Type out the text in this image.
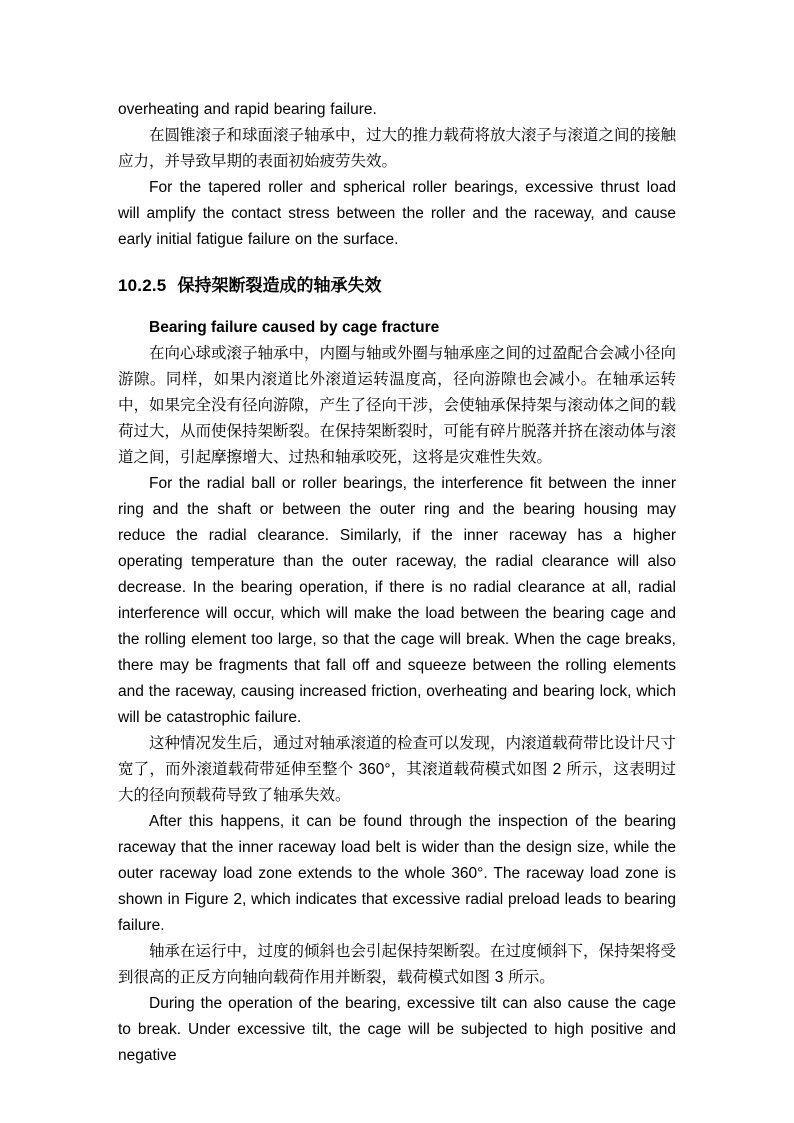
overheating and rapid bearing failure.

在圆锥滚子和球面滚子轴承中，过大的推力载荷将放大滚子与滚道之间的接触应力，并导致早期的表面初始疲劳失效。

For the tapered roller and spherical roller bearings, excessive thrust load will amplify the contact stress between the roller and the raceway, and cause early initial fatigue failure on the surface.

10.2.5 保持架断裂造成的轴承失效

Bearing failure caused by cage fracture

在向心球或滚子轴承中，内圈与轴或外圈与轴承座之间的过盈配合会减小径向游隙。同样，如果内滚道比外滚道运转温度高，径向游隙也会减小。在轴承运转中，如果完全没有径向游隙，产生了径向干涉，会使轴承保持架与滚动体之间的载荷过大，从而使保持架断裂。在保持架断裂时，可能有碎片脱落并挤在滚动体与滚道之间，引起摩擦增大、过热和轴承咬死，这将是灾难性失效。

For the radial ball or roller bearings, the interference fit between the inner ring and the shaft or between the outer ring and the bearing housing may reduce the radial clearance. Similarly, if the inner raceway has a higher operating temperature than the outer raceway, the radial clearance will also decrease. In the bearing operation, if there is no radial clearance at all, radial interference will occur, which will make the load between the bearing cage and the rolling element too large, so that the cage will break. When the cage breaks, there may be fragments that fall off and squeeze between the rolling elements and the raceway, causing increased friction, overheating and bearing lock, which will be catastrophic failure.

这种情况发生后，通过对轴承滚道的检查可以发现，内滚道载荷带比设计尺寸宽了，而外滚道载荷带延伸至整个 360°，其滚道载荷模式如图 2 所示，这表明过大的径向预载荷导致了轴承失效。

After this happens, it can be found through the inspection of the bearing raceway that the inner raceway load belt is wider than the design size, while the outer raceway load zone extends to the whole 360°. The raceway load zone is shown in Figure 2, which indicates that excessive radial preload leads to bearing failure.

轴承在运行中，过度的倾斜也会引起保持架断裂。在过度倾斜下，保持架将受到很高的正反方向轴向载荷作用并断裂，载荷模式如图 3 所示。

During the operation of the bearing, excessive tilt can also cause the cage to break. Under excessive tilt, the cage will be subjected to high positive and negative
